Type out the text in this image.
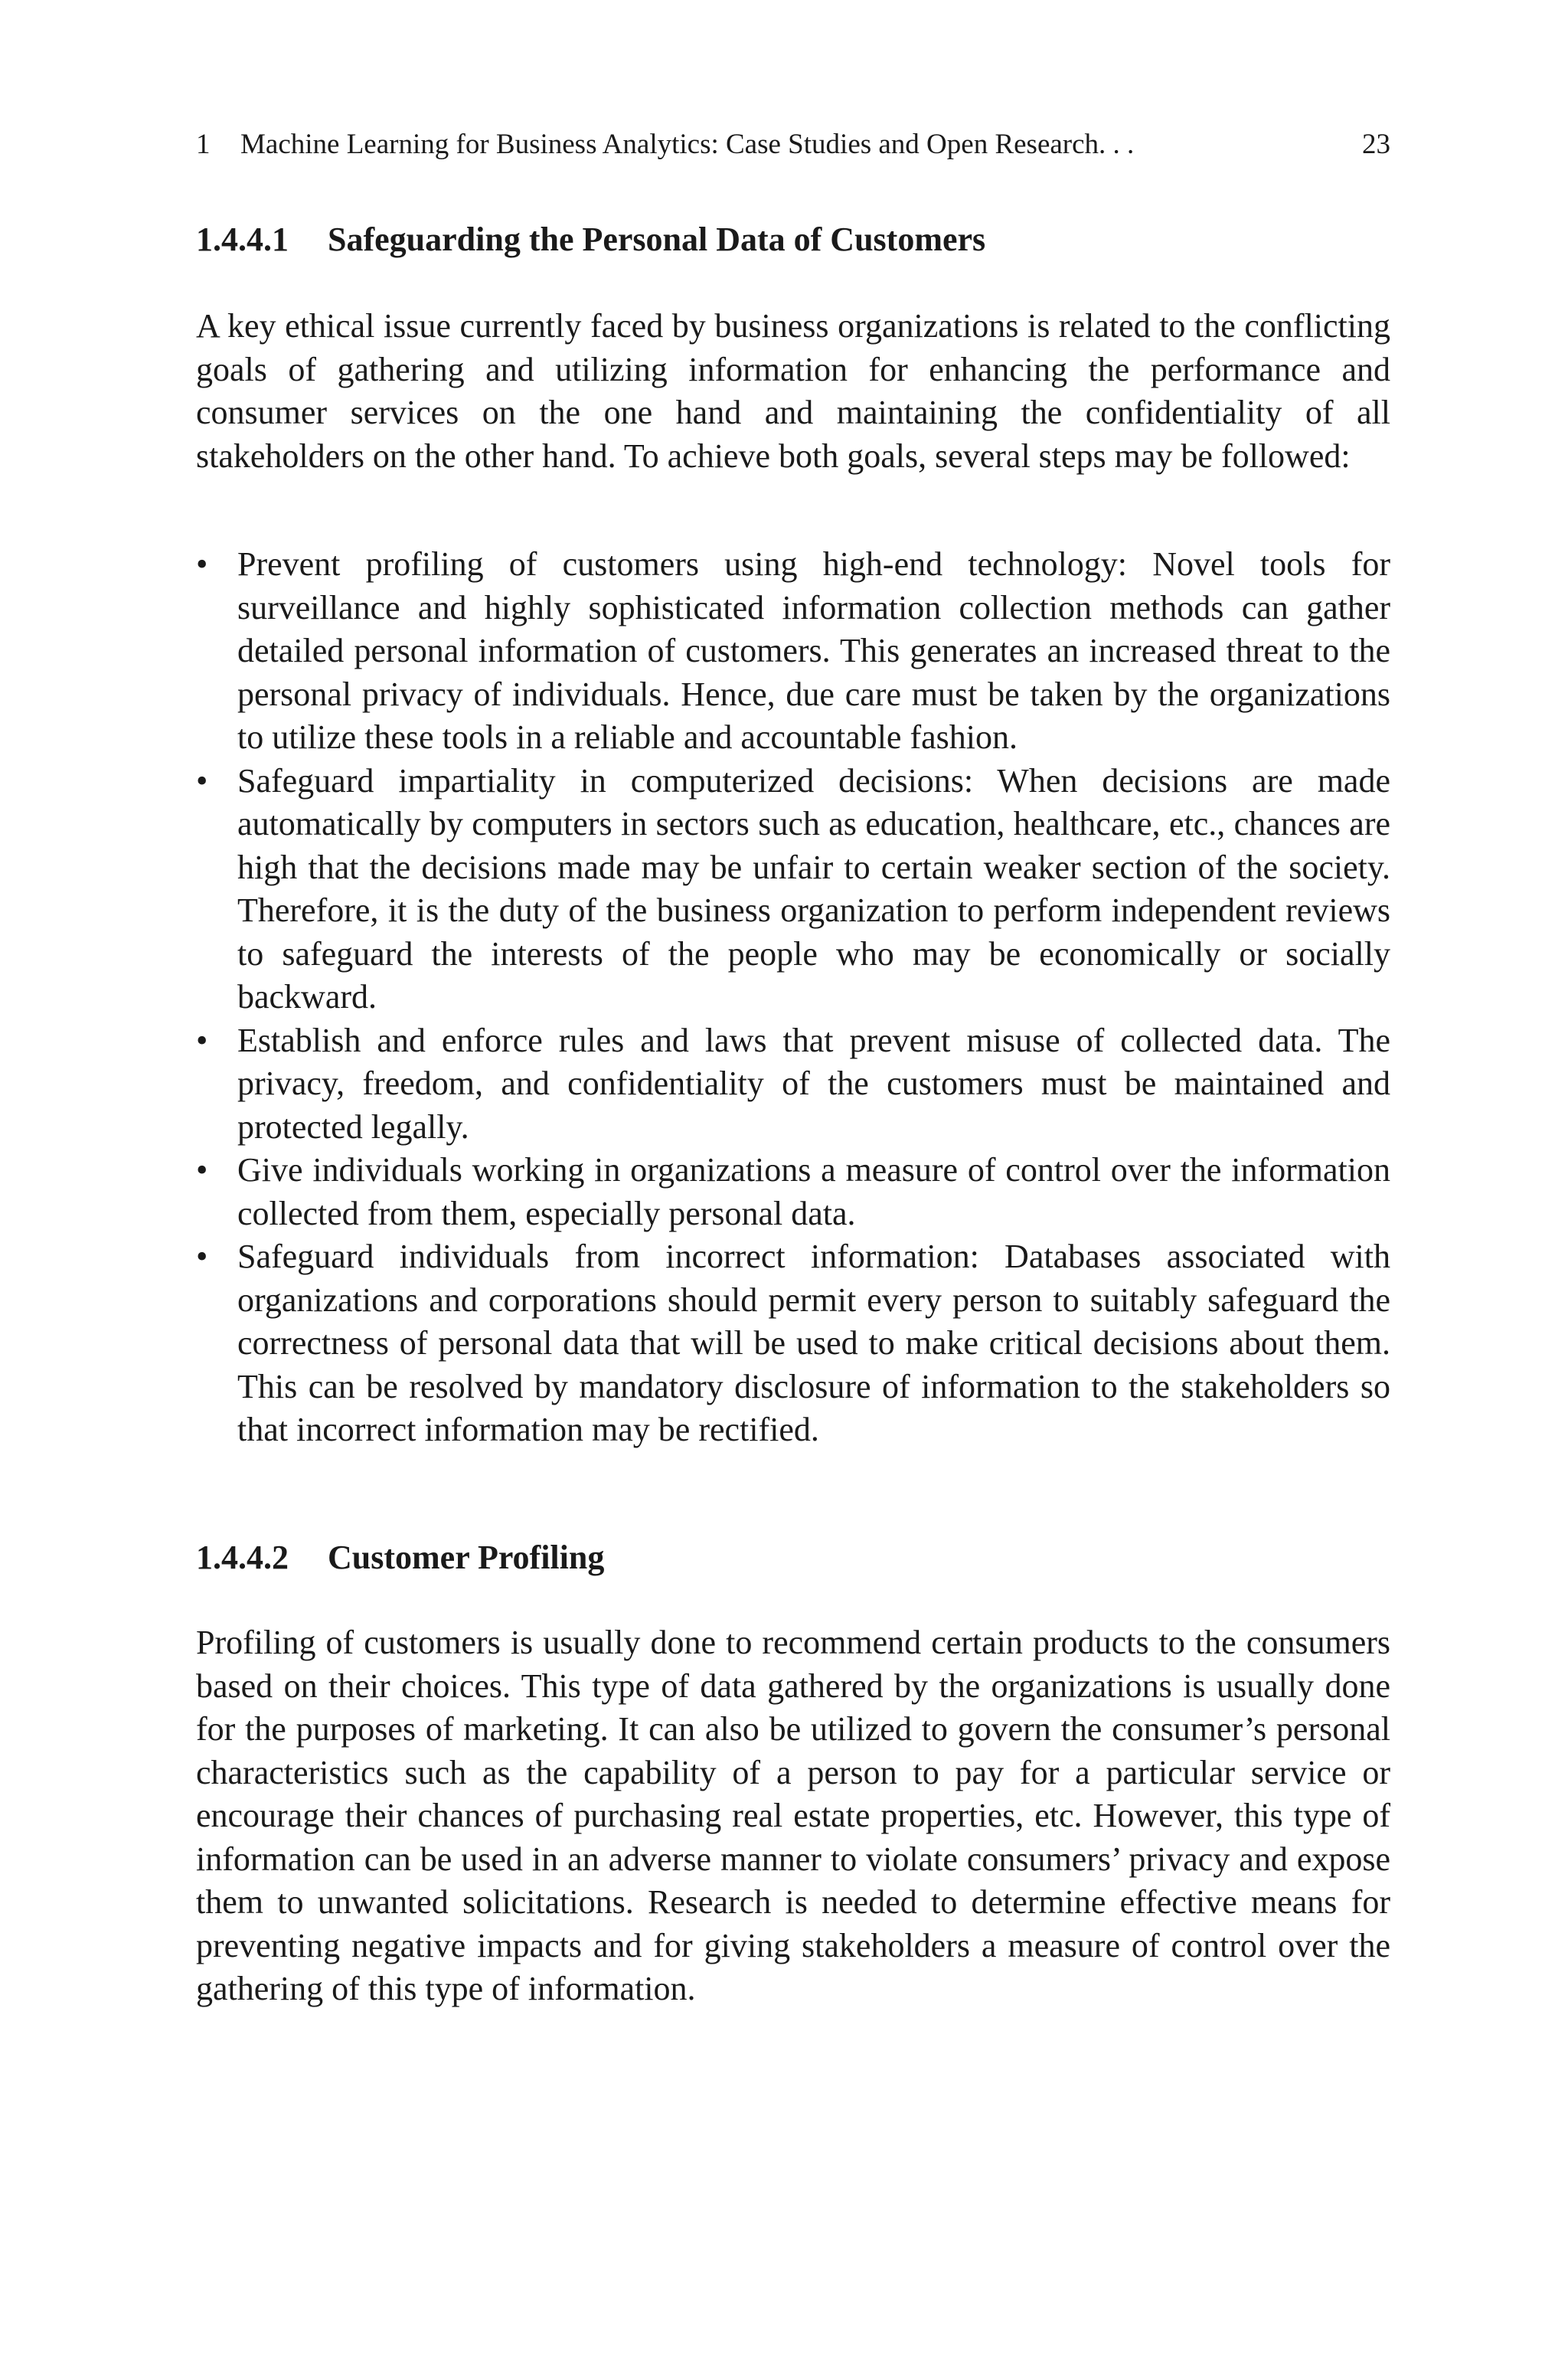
1 Machine Learning for Business Analytics: Case Studies and Open Research. . .	23
1.4.4.1 Safeguarding the Personal Data of Customers

A key ethical issue currently faced by business organizations is related to the conflicting goals of gathering and utilizing information for enhancing the performance and consumer services on the one hand and maintaining the confidentiality of all stakeholders on the other hand. To achieve both goals, several steps may be followed:

• Prevent profiling of customers using high-end technology: Novel tools for surveillance and highly sophisticated information collection methods can gather detailed personal information of customers. This generates an increased threat to the personal privacy of individuals. Hence, due care must be taken by the organizations to utilize these tools in a reliable and accountable fashion.
• Safeguard impartiality in computerized decisions: When decisions are made automatically by computers in sectors such as education, healthcare, etc., chances are high that the decisions made may be unfair to certain weaker section of the society. Therefore, it is the duty of the business organization to perform independent reviews to safeguard the interests of the people who may be economically or socially backward.
• Establish and enforce rules and laws that prevent misuse of collected data. The privacy, freedom, and confidentiality of the customers must be maintained and protected legally.
• Give individuals working in organizations a measure of control over the information collected from them, especially personal data.
• Safeguard individuals from incorrect information: Databases associated with organizations and corporations should permit every person to suitably safeguard the correctness of personal data that will be used to make critical decisions about them. This can be resolved by mandatory disclosure of information to the stakeholders so that incorrect information may be rectified.
1.4.4.2 Customer Profiling

Profiling of customers is usually done to recommend certain products to the consumers based on their choices. This type of data gathered by the organizations is usually done for the purposes of marketing. It can also be utilized to govern the consumer’s personal characteristics such as the capability of a person to pay for a particular service or encourage their chances of purchasing real estate properties, etc. However, this type of information can be used in an adverse manner to violate consumers’ privacy and expose them to unwanted solicitations. Research is needed to determine effective means for preventing negative impacts and for giving stakeholders a measure of control over the gathering of this type of information.
